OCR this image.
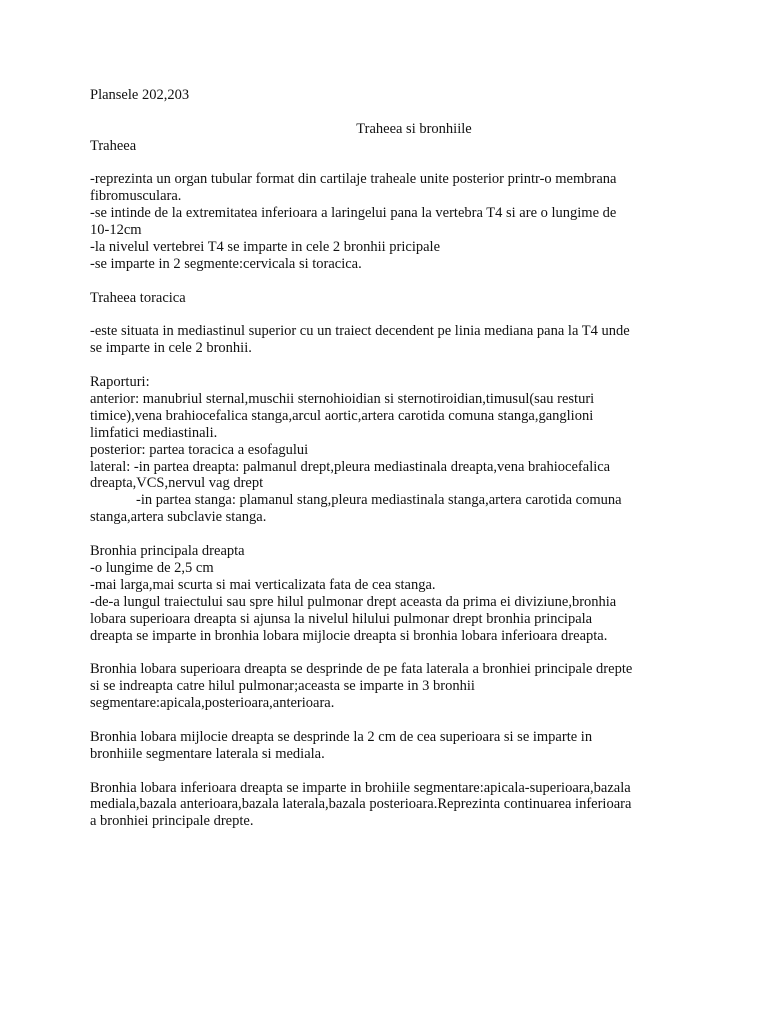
Plansele 202,203
Traheea si bronhiile
Traheea
-reprezinta un organ tubular format din cartilaje traheale unite posterior printr-o membrana
fibromusculara.
-se intinde de la extremitatea inferioara a laringelui pana la vertebra T4 si are o lungime de
10-12cm
-la nivelul vertebrei T4 se imparte in cele 2 bronhii pricipale
-se imparte in 2 segmente:cervicala si toracica.
Traheea toracica
-este situata in mediastinul superior cu un traiect decendent pe linia mediana pana la T4 unde
se imparte in cele 2 bronhii.
Raporturi:
anterior: manubriul sternal,muschii sternohioidian si sternotiroidian,timusul(sau resturi
timice),vena brahiocefalica stanga,arcul aortic,artera carotida comuna stanga,ganglioni
limfatici mediastinali.
posterior: partea toracica a esofagului
lateral: -in partea dreapta: palmanul drept,pleura mediastinala dreapta,vena brahiocefalica
dreapta,VCS,nervul vag drept
-in partea stanga: plamanul stang,pleura mediastinala stanga,artera carotida comuna
stanga,artera subclavie stanga.
Bronhia principala dreapta
-o lungime de 2,5 cm
-mai larga,mai scurta si mai verticalizata fata de cea stanga.
-de-a lungul traiectului sau spre hilul pulmonar drept aceasta da prima ei diviziune,bronhia
lobara superioara dreapta si ajunsa la nivelul hilului pulmonar drept bronhia principala
dreapta se imparte in bronhia lobara mijlocie dreapta si bronhia lobara inferioara dreapta.
Bronhia lobara superioara dreapta se desprinde de pe fata laterala a bronhiei principale drepte
si se indreapta catre hilul pulmonar;aceasta se imparte in 3 bronhii
segmentare:apicala,posterioara,anterioara.
Bronhia lobara mijlocie dreapta se desprinde la 2 cm de cea superioara si se imparte in
bronhiile segmentare laterala si mediala.
Bronhia lobara inferioara dreapta se imparte in brohiile segmentare:apicala-superioara,bazala
mediala,bazala anterioara,bazala laterala,bazala posterioara.Reprezinta continuarea inferioara
a bronhiei principale drepte.
